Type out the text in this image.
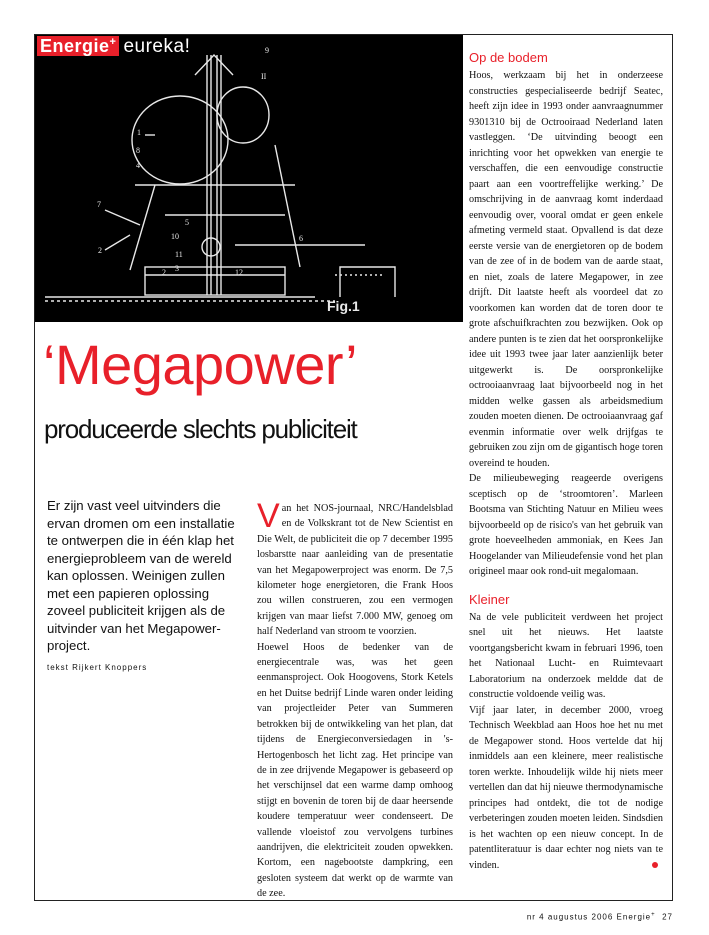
1
8
4
5
2	12
3
9
II
6
7
2
10
11
Fig.1
Energie+ eureka!
‘Megapower’
produceerde slechts publiciteit
Er zijn vast veel uitvinders die ervan dromen om een installatie te ontwerpen die in één klap het energieprobleem van de wereld kan oplossen. Weinigen zullen met een papieren oplossing zoveel publiciteit krijgen als de uitvinder van het Megapower-project.
tekst Rijkert Knoppers

Van het NOS-journaal, NRC/Handelsblad en de Volkskrant tot de New Scientist en Die Welt, de publiciteit die op 7 december 1995 losbarstte naar aanleiding van de presentatie van het Megapowerproject was enorm. De 7,5 kilometer hoge energietoren, die Frank Hoos zou willen construeren, zou een vermogen krijgen van maar liefst 7.000 MW, genoeg om half Nederland van stroom te voorzien.

Hoewel Hoos de bedenker van de energiecentrale was, was het geen eenmansproject. Ook Hoogovens, Stork Ketels en het Duitse bedrijf Linde waren onder leiding van projectleider Peter van Summeren betrokken bij de ontwikkeling van het plan, dat tijdens de Energieconversiedagen in 's-Hertogenbosch het licht zag. Het principe van de in zee drijvende Megapower is gebaseerd op het verschijnsel dat een warme damp omhoog stijgt en bovenin de toren bij de daar heersende koudere temperatuur weer condenseert. De vallende vloeistof zou vervolgens turbines aandrijven, die elektriciteit zouden opwekken. Kortom, een nagebootste dampkring, een gesloten systeem dat werkt op de warmte van de zee.

Op de bodem

Hoos, werkzaam bij het in onderzeese constructies gespecialiseerde bedrijf Seatec, heeft zijn idee in 1993 onder aanvraagnummer 9301310 bij de Octrooiraad Nederland laten vastleggen. ‘De uitvinding beoogt een inrichting voor het opwekken van energie te verschaffen, die een eenvoudige constructie paart aan een voortreffelijke werking.’ De omschrijving in de aanvraag komt inderdaad eenvoudig over, vooral omdat er geen enkele afmeting vermeld staat. Opvallend is dat deze eerste versie van de energietoren op de bodem van de zee of in de bodem van de aarde staat, en niet, zoals de latere Megapower, in zee drijft. Dit laatste heeft als voordeel dat zo voorkomen kan worden dat de toren door te grote afschuifkrachten zou bezwijken. Ook op andere punten is te zien dat het oorspronkelijke idee uit 1993 twee jaar later aanzienlijk beter uitgewerkt is. De oorspronkelijke octrooiaanvraag laat bijvoorbeeld nog in het midden welke gassen als arbeidsmedium zouden moeten dienen. De octrooiaanvraag gaf evenmin informatie over welk drijfgas te gebruiken zou zijn om de gigantisch hoge toren overeind te houden.

De milieubeweging reageerde overigens sceptisch op de ‘stroomtoren’. Marleen Bootsma van Stichting Natuur en Milieu wees bijvoorbeeld op de risico's van het gebruik van grote hoeveelheden ammoniak, en Kees Jan Hoogelander van Milieudefensie vond het plan origineel maar ook rond-uit megalomaan.

Kleiner

Na de vele publiciteit verdween het project snel uit het nieuws. Het laatste voortgangsbericht kwam in februari 1996, toen het Nationaal Lucht- en Ruimtevaart Laboratorium na onderzoek meldde dat de constructie voldoende veilig was.

Vijf jaar later, in december 2000, vroeg Technisch Weekblad aan Hoos hoe het nu met de Megapower stond. Hoos vertelde dat hij inmiddels aan een kleinere, meer realistische toren werkte. Inhoudelijk wilde hij niets meer vertellen dan dat hij nieuwe thermodynamische principes had ontdekt, die tot de nodige verbeteringen zouden moeten leiden. Sindsdien is het wachten op een nieuw concept. In de patentliteratuur is daar echter nog niets van te vinden.

nr 4 augustus 2006 Energie+ 27
